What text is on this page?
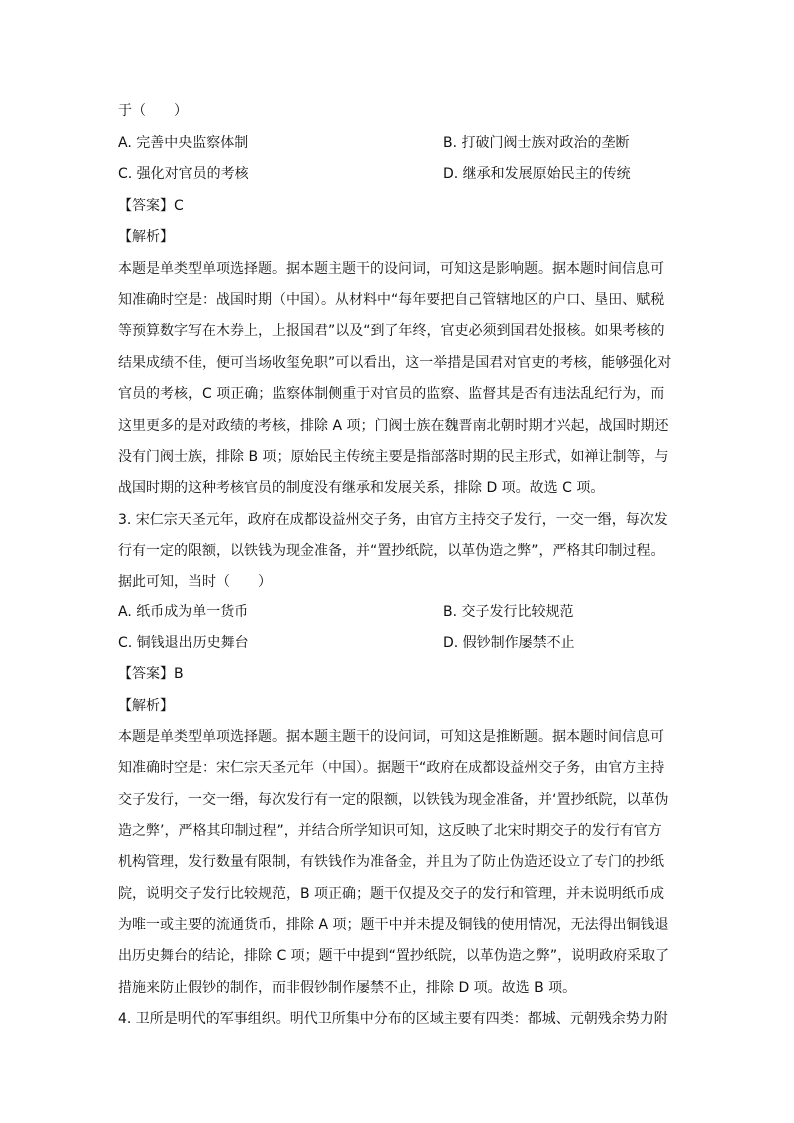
于（　　）
A. 完善中央监察体制	B. 打破门阀士族对政治的垄断
C. 强化对官员的考核	D. 继承和发展原始民主的传统
【答案】C
【解析】
本题是单类型单项选择题。据本题主题干的设问词，可知这是影响题。据本题时间信息可
知准确时空是：战国时期（中国）。从材料中“每年要把自己管辖地区的户口、垦田、赋税
等预算数字写在木券上，上报国君”以及“到了年终，官吏必须到国君处报核。如果考核的
结果成绩不佳，便可当场收玺免职”可以看出，这一举措是国君对官吏的考核，能够强化对
官员的考核，C 项正确；监察体制侧重于对官员的监察、监督其是否有违法乱纪行为，而
这里更多的是对政绩的考核，排除 A 项；门阀士族在魏晋南北朝时期才兴起，战国时期还
没有门阀士族，排除 B 项；原始民主传统主要是指部落时期的民主形式，如禅让制等，与
战国时期的这种考核官员的制度没有继承和发展关系，排除 D 项。故选 C 项。
3. 宋仁宗天圣元年，政府在成都设益州交子务，由官方主持交子发行，一交一缗，每次发
行有一定的限额，以铁钱为现金准备，并“置抄纸院，以革伪造之弊”，严格其印制过程。
据此可知，当时（　　）
A. 纸币成为单一货币	B. 交子发行比较规范
C. 铜钱退出历史舞台	D. 假钞制作屡禁不止
【答案】B
【解析】
本题是单类型单项选择题。据本题主题干的设问词，可知这是推断题。据本题时间信息可
知准确时空是：宋仁宗天圣元年（中国）。据题干“政府在成都设益州交子务，由官方主持
交子发行，一交一缗，每次发行有一定的限额，以铁钱为现金准备，并‘置抄纸院，以革伪
造之弊’，严格其印制过程”，并结合所学知识可知，这反映了北宋时期交子的发行有官方
机构管理，发行数量有限制，有铁钱作为准备金，并且为了防止伪造还设立了专门的抄纸
院，说明交子发行比较规范，B 项正确；题干仅提及交子的发行和管理，并未说明纸币成
为唯一或主要的流通货币，排除 A 项；题干中并未提及铜钱的使用情况，无法得出铜钱退
出历史舞台的结论，排除 C 项；题干中提到“置抄纸院，以革伪造之弊”，说明政府采取了
措施来防止假钞的制作，而非假钞制作屡禁不止，排除 D 项。故选 B 项。
4. 卫所是明代的军事组织。明代卫所集中分布的区域主要有四类：都城、元朝残余势力附
